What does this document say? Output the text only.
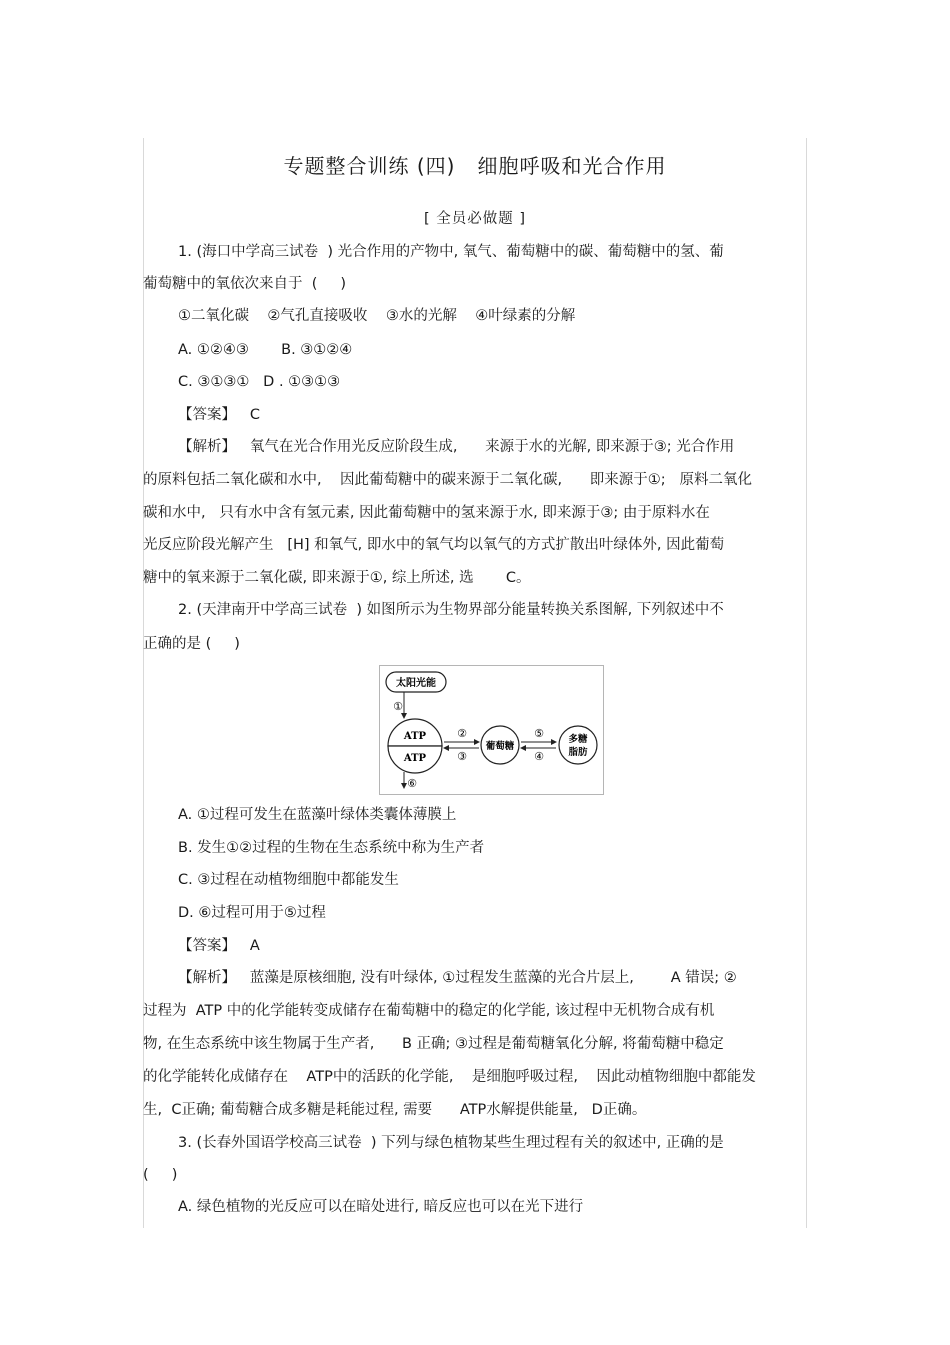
专题整合训练 (四)   细胞呼吸和光合作用
[ 全员必做题 ]
1. (海口中学高三试卷  ) 光合作用的产物中, 氧气、葡萄糖中的碳、葡萄糖中的氢、葡
葡萄糖中的氧依次来自于  (     )
①二氧化碳    ②气孔直接吸收    ③水的光解    ④叶绿素的分解
A. ①②④③       B. ③①②④
C. ③①③①   D . ①③①③
【答案】   C
【解析】   氧气在光合作用光反应阶段生成,      来源于水的光解, 即来源于③; 光合作用
的原料包括二氧化碳和水中,    因此葡萄糖中的碳来源于二氧化碳,      即来源于①;   原料二氧化
碳和水中,   只有水中含有氢元素, 因此葡萄糖中的氢来源于水, 即来源于③; 由于原料水在
光反应阶段光解产生   [H] 和氧气, 即水中的氧气均以氧气的方式扩散出叶绿体外, 因此葡萄
糖中的氧来源于二氧化碳, 即来源于①, 综上所述, 选       C。
2. (天津南开中学高三试卷  ) 如图所示为生物界部分能量转换关系图解, 下列叙述中不
正确的是 (     )
太阳光能
①
ATP
ATP
⑥
②
③
葡萄糖
⑤
④
多糖
脂肪
A. ①过程可发生在蓝藻叶绿体类囊体薄膜上
B. 发生①②过程的生物在生态系统中称为生产者
C. ③过程在动植物细胞中都能发生
D. ⑥过程可用于⑤过程
【答案】   A
【解析】   蓝藻是原核细胞, 没有叶绿体, ①过程发生蓝藻的光合片层上,        A 错误; ②
过程为  ATP 中的化学能转变成储存在葡萄糖中的稳定的化学能, 该过程中无机物合成有机
物, 在生态系统中该生物属于生产者,      B 正确; ③过程是葡萄糖氧化分解, 将葡萄糖中稳定
的化学能转化成储存在    ATP中的活跃的化学能,    是细胞呼吸过程,    因此动植物细胞中都能发
生,  C正确; 葡萄糖合成多糖是耗能过程, 需要      ATP水解提供能量,   D正确。
3. (长春外国语学校高三试卷  ) 下列与绿色植物某些生理过程有关的叙述中, 正确的是
(     )
A. 绿色植物的光反应可以在暗处进行, 暗反应也可以在光下进行
